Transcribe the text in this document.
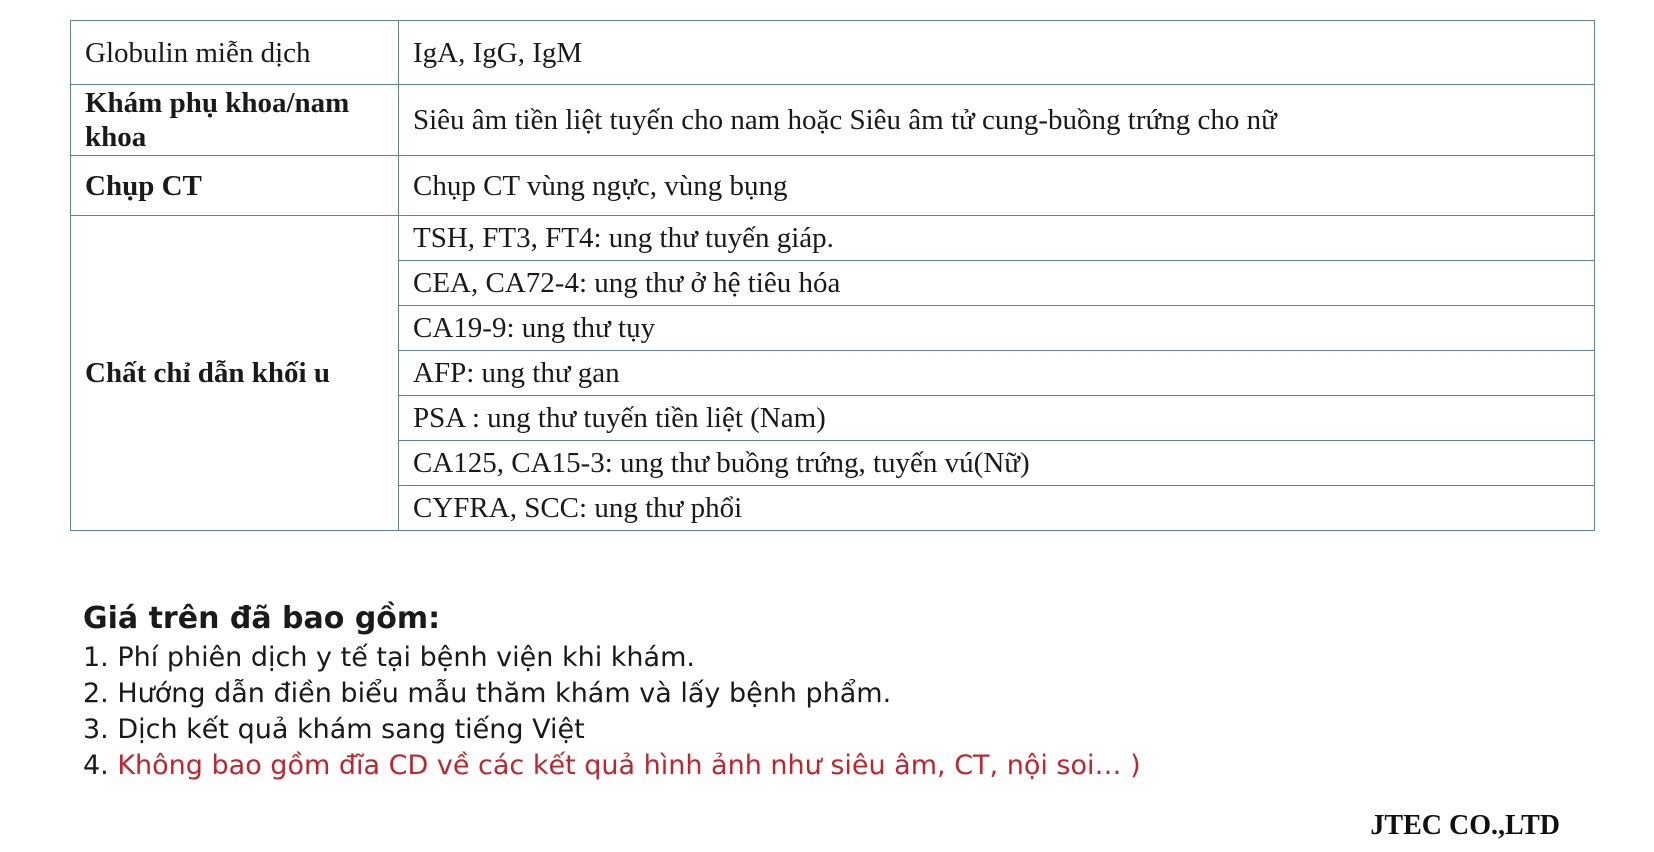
Globulin miễn dịch	IgA, IgG, IgM
Khám phụ khoa/nam khoa	Siêu âm tiền liệt tuyến cho nam hoặc Siêu âm tử cung-buồng trứng cho nữ
Chụp CT	Chụp CT vùng ngực, vùng bụng
Chất chỉ dẫn khối u	TSH, FT3, FT4: ung thư tuyến giáp.
	CEA, CA72-4: ung thư ở hệ tiêu hóa
	CA19-9: ung thư tụy
	AFP: ung thư gan
	PSA : ung thư tuyến tiền liệt (Nam)
	CA125, CA15-3: ung thư buồng trứng, tuyến vú(Nữ)
	CYFRA, SCC: ung thư phổi
Giá trên đã bao gồm:
1. Phí phiên dịch y tế tại bệnh viện khi khám.
2. Hướng dẫn điền biểu mẫu thăm khám và lấy bệnh phẩm.
3. Dịch kết quả khám sang tiếng Việt
4. Không bao gồm đĩa CD về các kết quả hình ảnh như siêu âm, CT, nội soi… )
JTEC CO.,LTD
